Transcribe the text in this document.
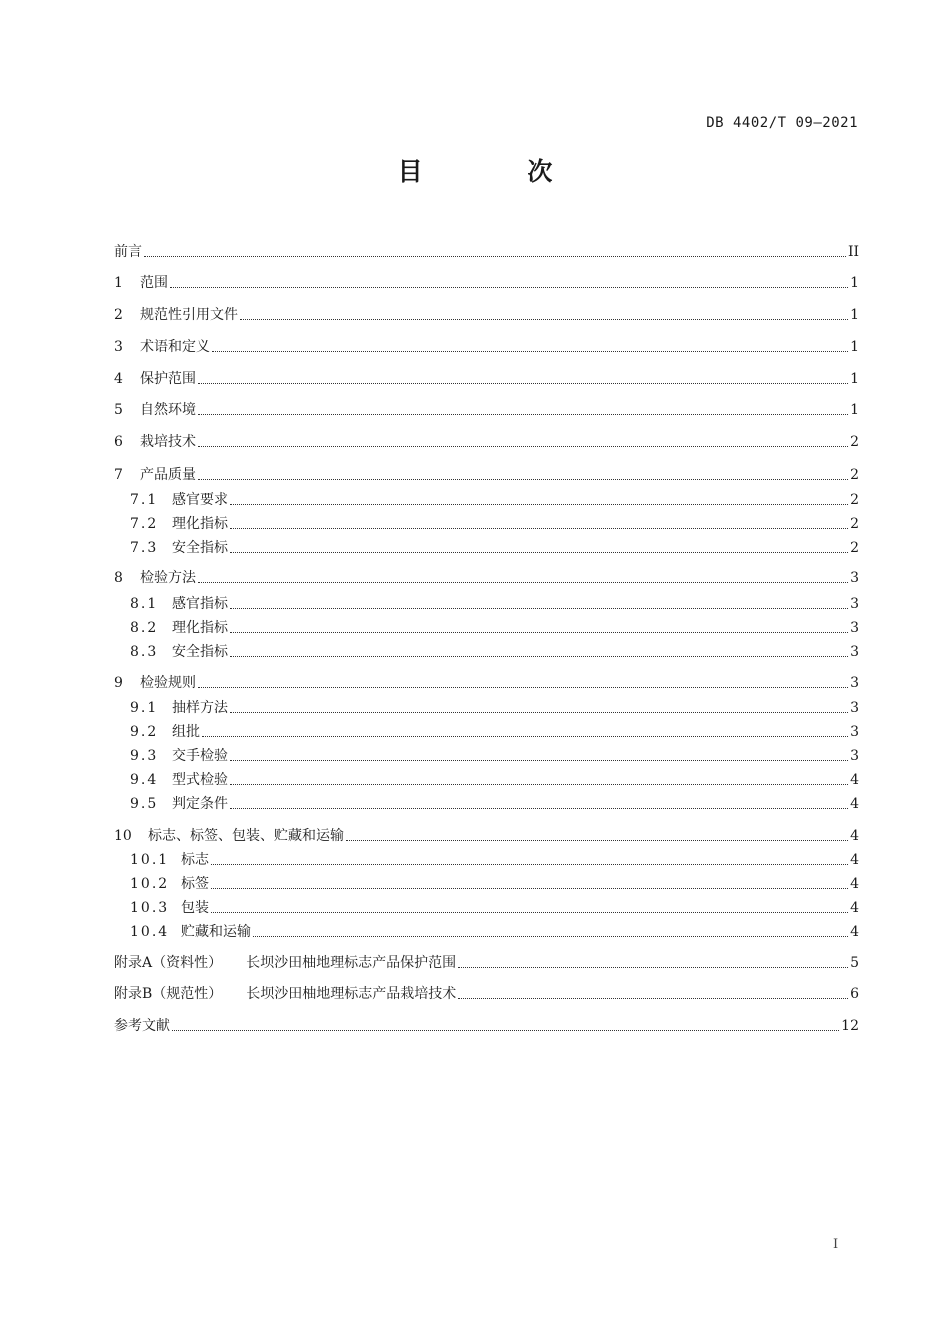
DB 4402/T 09—2021
目 次
前言	II
1	范围	1
2	规范性引用文件	1
3	术语和定义	1
4	保护范围	1
5	自然环境	1
6	栽培技术	2
7	产品质量	2
7.1 感官要求	2
7.2 理化指标	2
7.3 安全指标	2
8	检验方法	3
8.1 感官指标	3
8.2 理化指标	3
8.3 安全指标	3
9	检验规则	3
9.1 抽样方法	3
9.2 组批	3
9.3 交手检验	3
9.4 型式检验	4
9.5 判定条件	4
10	标志、标签、包装、贮藏和运输	4
10.1 标志	4
10.2 标签	4
10.3 包装	4
10.4 贮藏和运输	4
附录A（资料性） 长坝沙田柚地理标志产品保护范围	5
附录B（规范性） 长坝沙田柚地理标志产品栽培技术	6
参考文献	12
I
